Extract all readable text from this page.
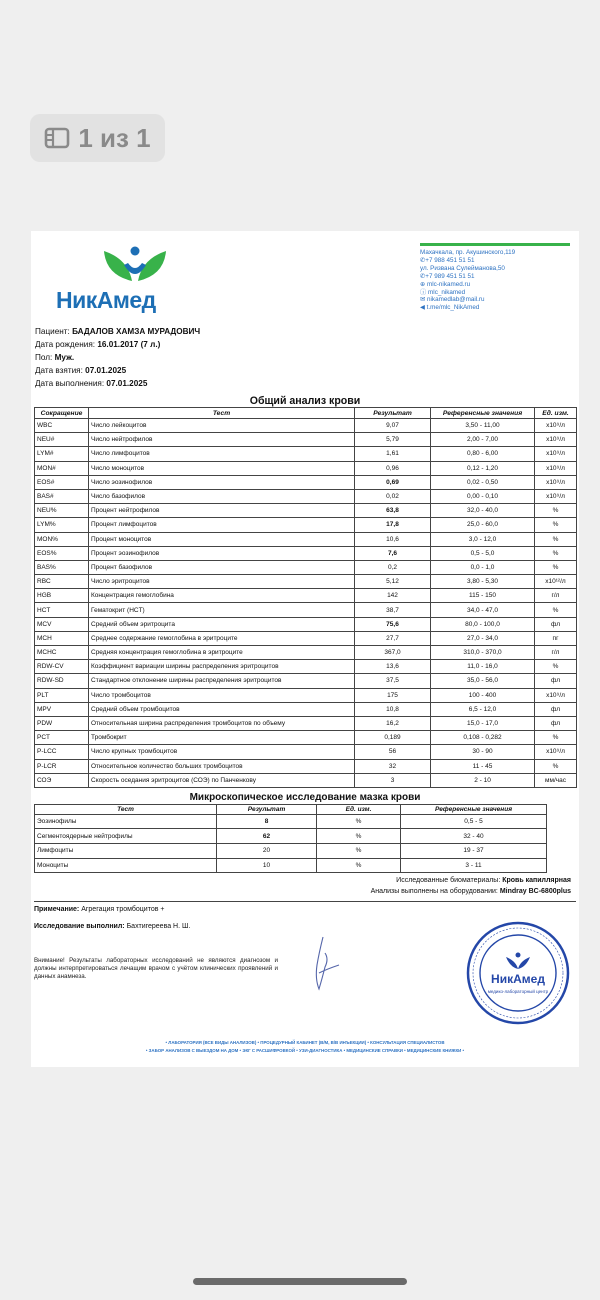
1 из 1
НикАмед
Махачкала, пр. Акушинского,119
✆+7 988 451 51 51
ул. Ризвана Сулейманова,50
✆+7 989 451 51 51
⊕ mlc-nikamed.ru
ⓘ mlc_nikamed
✉ nikamedlab@mail.ru
◀ t.me/mlc_NikAmed
Пациент: БАДАЛОВ ХАМЗА МУРАДОВИЧ
Дата рождения: 16.01.2017 (7 л.)
Пол: Муж.
Дата взятия: 07.01.2025
Дата выполнения: 07.01.2025
Общий анализ крови
Сокращение	Тест	Результат	Референсные значения	Ед. изм.
WBC	Число лейкоцитов	9,07	3,50 - 11,00	x10⁹/л
NEU#	Число нейтрофилов	5,79	2,00 - 7,00	x10⁹/л
LYM#	Число лимфоцитов	1,61	0,80 - 6,00	x10⁹/л
MON#	Число моноцитов	0,96	0,12 - 1,20	x10⁹/л
EOS#	Число эозинофилов	0,69	0,02 - 0,50	x10⁹/л
BAS#	Число базофилов	0,02	0,00 - 0,10	x10⁹/л
NEU%	Процент нейтрофилов	63,8	32,0 - 40,0	%
LYM%	Процент лимфоцитов	17,8	25,0 - 60,0	%
MON%	Процент моноцитов	10,6	3,0 - 12,0	%
EOS%	Процент эозинофилов	7,6	0,5 - 5,0	%
BAS%	Процент базофилов	0,2	0,0 - 1,0	%
RBC	Число эритроцитов	5,12	3,80 - 5,30	x10¹²/л
HGB	Концентрация гемоглобина	142	115 - 150	г/л
HCT	Гематокрит (HCT)	38,7	34,0 - 47,0	%
MCV	Средний объем эритроцита	75,6	80,0 - 100,0	фл
MCH	Среднее содержание гемоглобина в эритроците	27,7	27,0 - 34,0	пг
MCHC	Средняя концентрация гемоглобина в эритроците	367,0	310,0 - 370,0	г/л
RDW-CV	Коэффициент вариации ширины распределения эритроцитов	13,6	11,0 - 16,0	%
RDW-SD	Стандартное отклонение ширины распределения эритроцитов	37,5	35,0 - 56,0	фл
PLT	Число тромбоцитов	175	100 - 400	x10⁹/л
MPV	Средний объем тромбоцитов	10,8	6,5 - 12,0	фл
PDW	Относительная ширина распределения тромбоцитов по объему	16,2	15,0 - 17,0	фл
PCT	Тромбокрит	0,189	0,108 - 0,282	%
P-LCC	Число крупных тромбоцитов	56	30 - 90	x10⁹/л
P-LCR	Относительное количество больших тромбоцитов	32	11 - 45	%
СОЭ	Скорость оседания эритроцитов (СОЭ) по Панченкову	3	2 - 10	мм/час
Микроскопическое исследование мазка крови
Тест	Результат	Ед. изм.	Референсные значения
Эозинофилы	8	%	0,5 - 5
Сегментоядерные нейтрофилы	62	%	32 - 40
Лимфоциты	20	%	19 - 37
Моноциты	10	%	3 - 11
Исследованные биоматериалы: Кровь капиллярная
Анализы выполнены на оборудовании: Mindray BC-6800plus
Примечание: Агрегация тромбоцитов +
Исследование выполнил: Бахтигереева Н. Ш.
Внимание! Результаты лабораторных исследований не являются диагнозом и должны интерпретироваться лечащим врачом с учётом клинических проявлений и данных анамнеза.	НикАмед
медико-лабораторный центр
• ЛАБОРАТОРИЯ (ВСЕ ВИДЫ АНАЛИЗОВ) • ПРОЦЕДУРНЫЙ КАБИНЕТ (В/М, В/В ИНЪЕКЦИИ) • КОНСУЛЬТАЦИЯ СПЕЦИАЛИСТОВ
• ЗАБОР АНАЛИЗОВ С ВЫЕЗДОМ НА ДОМ • ЭКГ С РАСШИФРОВКОЙ • УЗИ-ДИАГНОСТИКА • МЕДИЦИНСКИЕ СПРАВКИ • МЕДИЦИНСКИЕ КНИЖКИ •
